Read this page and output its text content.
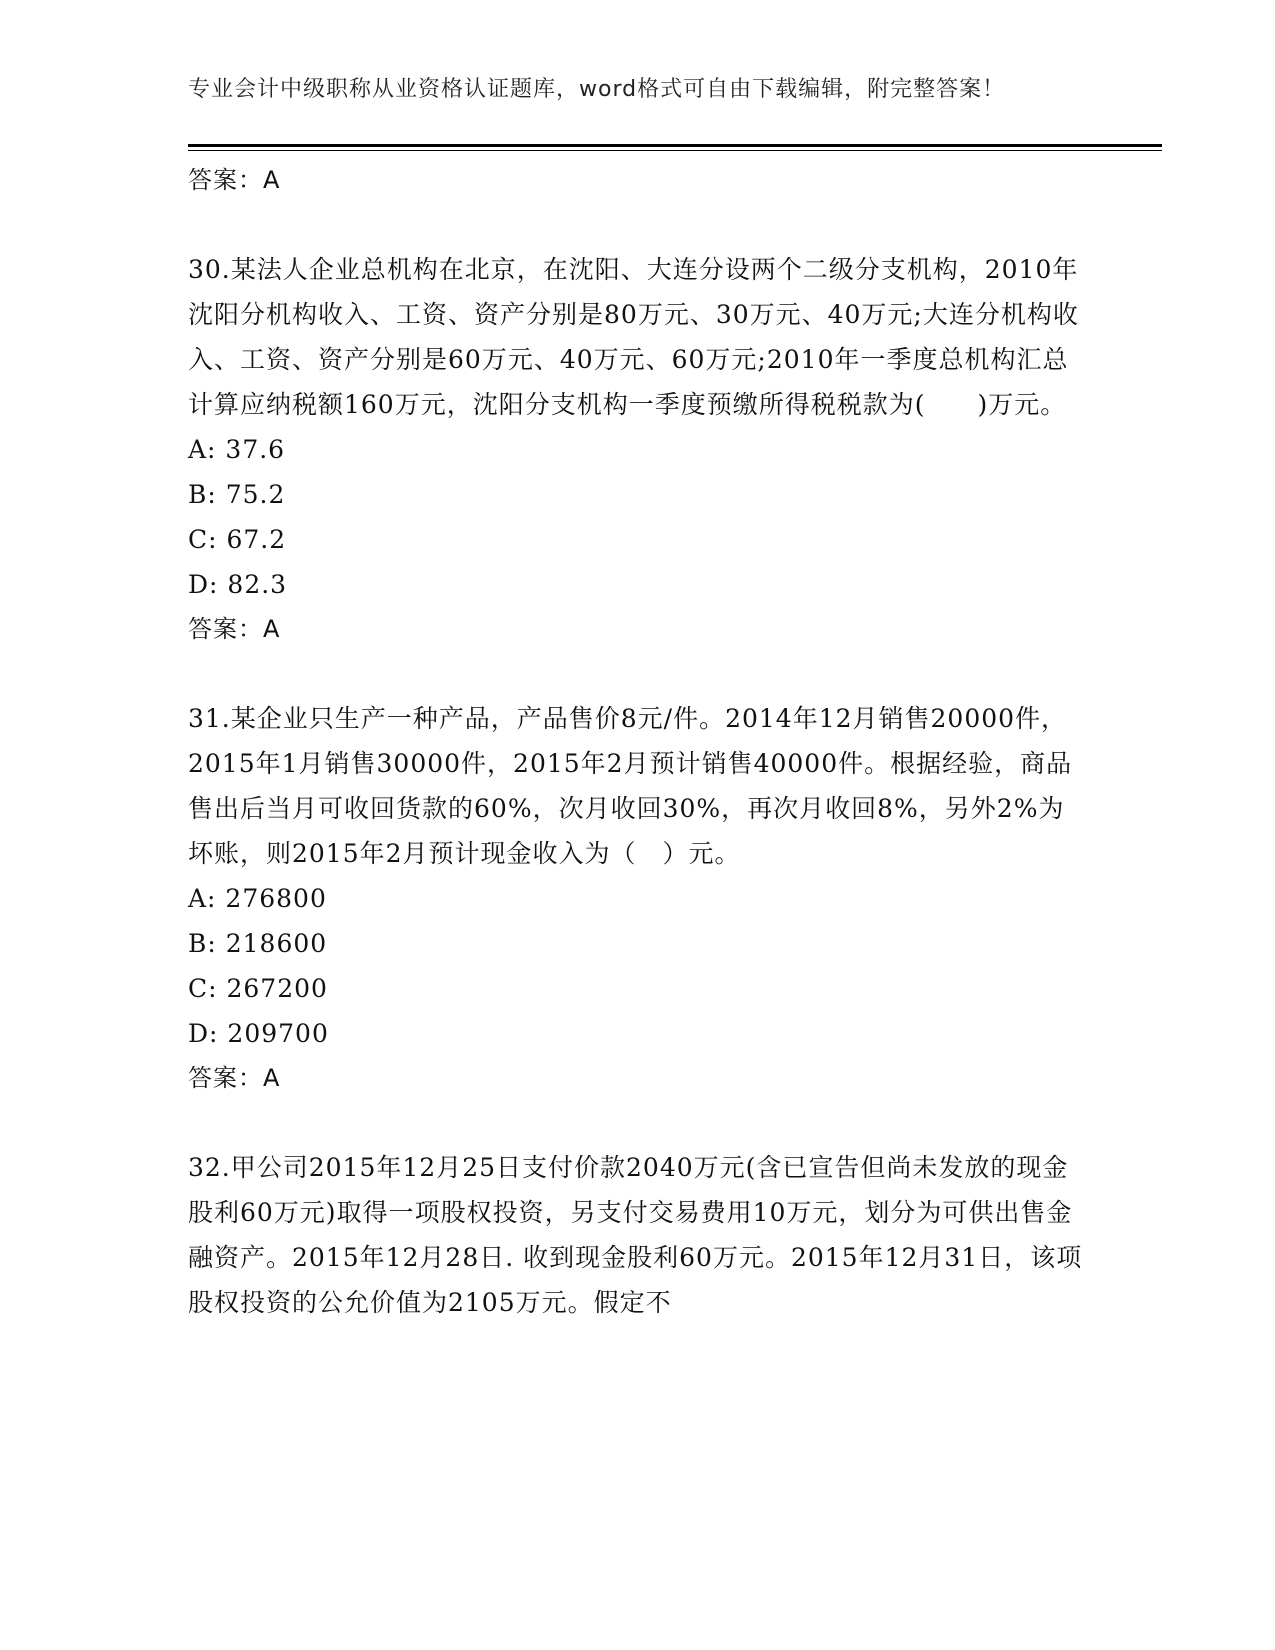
专业会计中级职称从业资格认证题库，word格式可自由下载编辑，附完整答案！
答案：A

30.某法人企业总机构在北京，在沈阳、大连分设两个二级分支机构，2010年沈阳分机构收入、工资、资产分别是80万元、30万元、40万元;大连分机构收入、工资、资产分别是60万元、40万元、60万元;2010年一季度总机构汇总计算应纳税额160万元，沈阳分支机构一季度预缴所得税税款为(　　)万元。

A: 37.6
B: 75.2
C: 67.2
D: 82.3
答案：A

31.某企业只生产一种产品，产品售价8元/件。2014年12月销售20000件，2015年1月销售30000件，2015年2月预计销售40000件。根据经验，商品售出后当月可收回货款的60%，次月收回30%，再次月收回8%，另外2%为坏账，则2015年2月预计现金收入为（　）元。

A: 276800
B: 218600
C: 267200
D: 209700
答案：A

32.甲公司2015年12月25日支付价款2040万元(含已宣告但尚未发放的现金股利60万元)取得一项股权投资，另支付交易费用10万元，划分为可供出售金融资产。2015年12月28日. 收到现金股利60万元。2015年12月31日，该项股权投资的公允价值为2105万元。假定不
